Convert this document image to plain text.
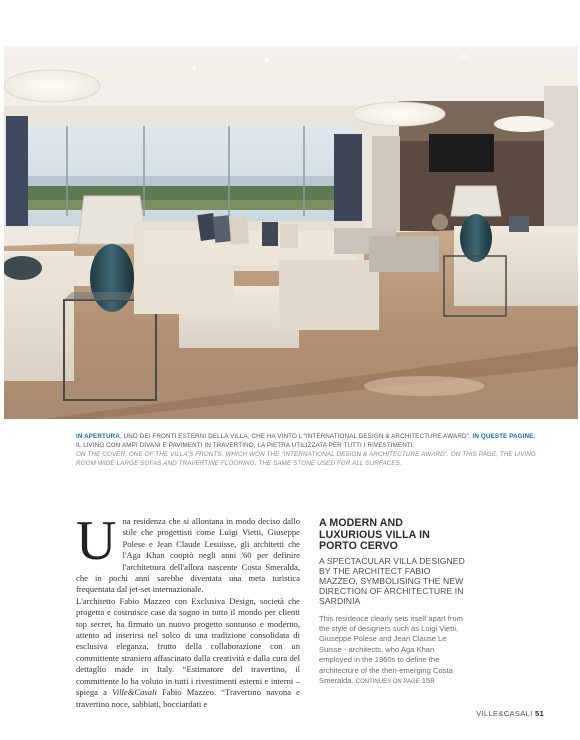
IN APERTURA, UNO DEI FRONTI ESTERNI DELLA VILLA, CHE HA VINTO L'“INTERNATIONAL DESIGN & ARCHITECTURE AWARD”. IN QUESTE PAGINE, IL LIVING CON AMPI DIVANI E PAVIMENTI IN TRAVERTINO, LA PIETRA UTILIZZATA PER TUTTI I RIVESTIMENTI.
ON THE COVER, ONE OF THE VILLA'S FRONTS, WHICH WON THE “INTERNATIONAL DESIGN & ARCHITECTURE AWARD”. ON THIS PAGE, THE LIVING ROOM WIDE LARGE SOFAS AND TRAVERTINE FLOORING, THE SAME STONE USED FOR ALL SURFACES.
U na residenza che si allontana in modo deciso dallo stile che progettisti come Luigi Vietti, Giuseppe Polese e Jean Claude Lesuisse, gli architetti che l'Aga Khan cooptò negli anni '60 per definire l'architettura dell'allora nascente Costa Smeralda, che in pochi anni sarebbe diventata una meta turistica frequentata dal jet-set internazionale.

L'architetto Fabio Mazzeo con Exclusiva Design, società che progetta e costruisce case da sogno in tutto il mondo per clienti top secret, ha firmato un nuovo progetto sontuoso e moderno, attento ad inserirsi nel solco di una tradizione consolidata di esclusiva eleganza, frutto della collaborazione con un committente straniero affascinato dalla creatività e dalla cura del dettaglio made in Italy. “Estimatore del travertino, il committente lo ha voluto in tutti i rivestimenti esterni e interni – spiega a Ville&Casali Fabio Mazzeo. “Travertino navona e travertino noce, sabbiati, bocciardati e

A MODERN AND LUXURIOUS VILLA IN PORTO CERVO
A SPECTACULAR VILLA DESIGNED BY THE ARCHITECT FABIO MAZZEO, SYMBOLISING THE NEW DIRECTION OF ARCHITECTURE IN SARDINIA
This residence clearly sets itself apart from the style of designers such as Luigi Vietti, Giuseppe Polese and Jean Clause Le Suisse - architects, who Aga Khan employed in the 1960s to define the architecture of the then-emerging Costa Smeralda. CONTINUES ON PAGE 158
VILLE&CASALI 51
